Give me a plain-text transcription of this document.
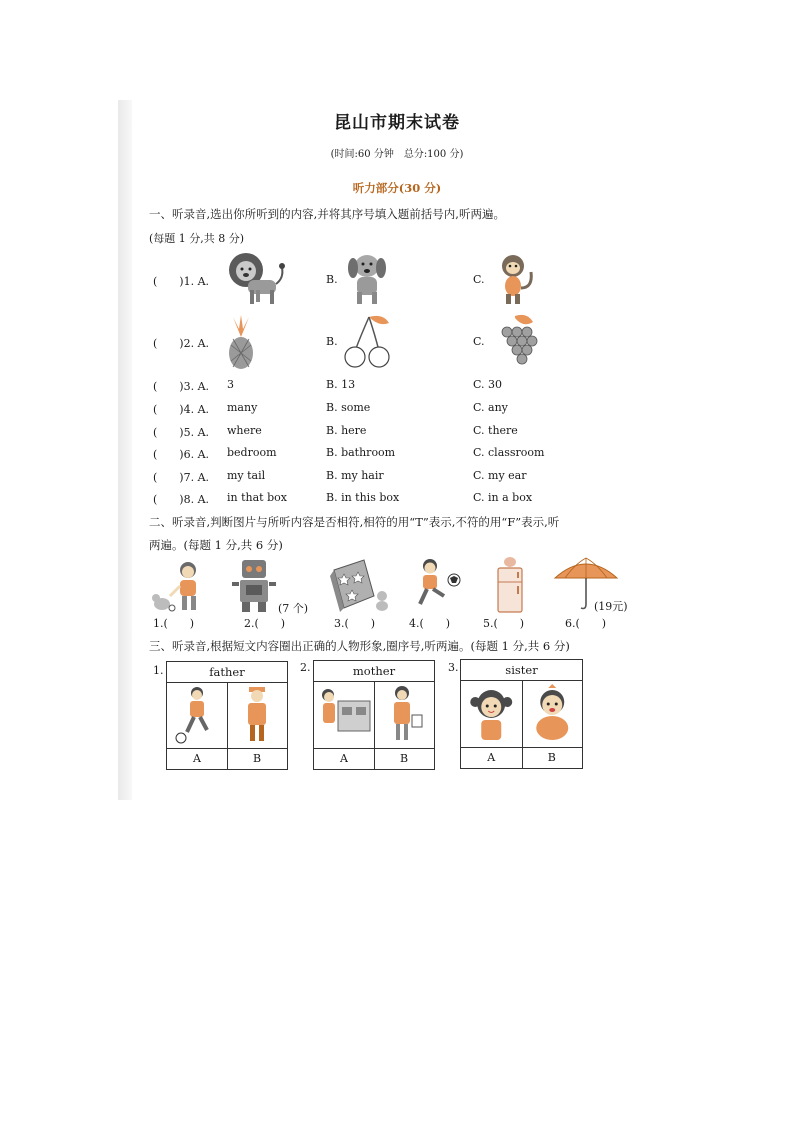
昆山市期末试卷
(时间:60 分钟　总分:100 分)
听力部分(30 分)
一、听录音,选出你所听到的内容,并将其序号填入题前括号内,听两遍。
(每题 1 分,共 8 分)
(　　)1. A.	B.	C.
(　　)2. A.	B.	C.
(　　)3. A. 3	B. 13	C. 30
(　　)4. A. many	B. some	C. any
(　　)5. A. where	B. here	C. there
(　　)6. A. bedroom	B. bathroom	C. classroom
(　　)7. A. my tail	B. my hair	C. my ear
(　　)8. A. in that box	B. in this box	C. in a box
二、听录音,判断图片与所听内容是否相符,相符的用“T”表示,不符的用“F”表示,听
两遍。(每题 1 分,共 6 分)
(7 个)	(19元)
1.(　　)	2.(　　)	3.(　　)	4.(　　)	5.(　　)	6.(　　)
三、听录音,根据短文内容圈出正确的人物形象,圈序号,听两遍。(每题 1 分,共 6 分)
1.	father
A	B
2.	mother
A	B
3.	sister
A	B
